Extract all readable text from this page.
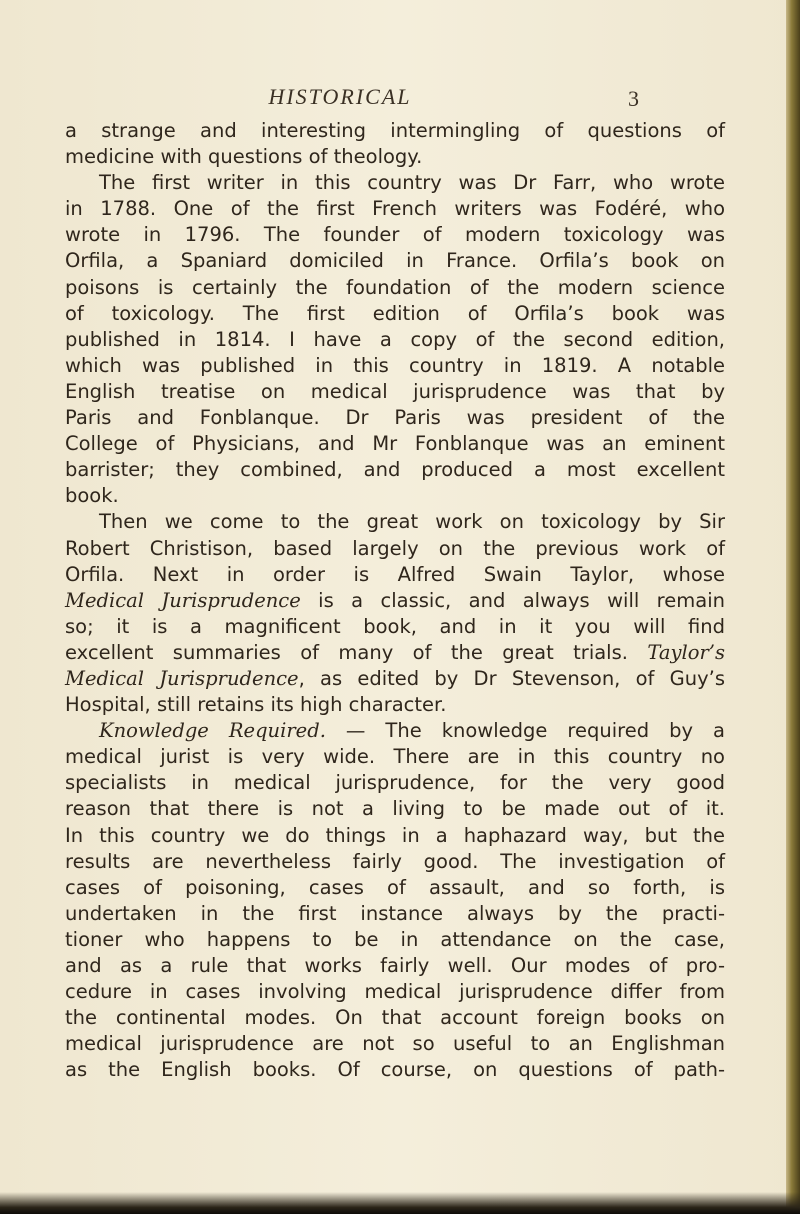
HISTORICAL	3
a strange and interesting intermingling of questions of
medicine with questions of theology.
The first writer in this country was Dr Farr, who wrote
in 1788. One of the first French writers was Fodéré, who
wrote in 1796. The founder of modern toxicology was
Orfila, a Spaniard domiciled in France. Orfila’s book on
poisons is certainly the foundation of the modern science
of toxicology. The first edition of Orfila’s book was
published in 1814. I have a copy of the second edition,
which was published in this country in 1819. A notable
English treatise on medical jurisprudence was that by
Paris and Fonblanque. Dr Paris was president of the
College of Physicians, and Mr Fonblanque was an eminent
barrister; they combined, and produced a most excellent
book.
Then we come to the great work on toxicology by Sir
Robert Christison, based largely on the previous work of
Orfila. Next in order is Alfred Swain Taylor, whose
Medical Jurisprudence is a classic, and always will remain
so; it is a magnificent book, and in it you will find
excellent summaries of many of the great trials. Taylor’s
Medical Jurisprudence, as edited by Dr Stevenson, of Guy’s
Hospital, still retains its high character.
Knowledge Required. — The knowledge required by a
medical jurist is very wide. There are in this country no
specialists in medical jurisprudence, for the very good
reason that there is not a living to be made out of it.
In this country we do things in a haphazard way, but the
results are nevertheless fairly good. The investigation of
cases of poisoning, cases of assault, and so forth, is
undertaken in the first instance always by the practi-
tioner who happens to be in attendance on the case,
and as a rule that works fairly well. Our modes of pro-
cedure in cases involving medical jurisprudence differ from
the continental modes. On that account foreign books on
medical jurisprudence are not so useful to an Englishman
as the English books. Of course, on questions of path-
